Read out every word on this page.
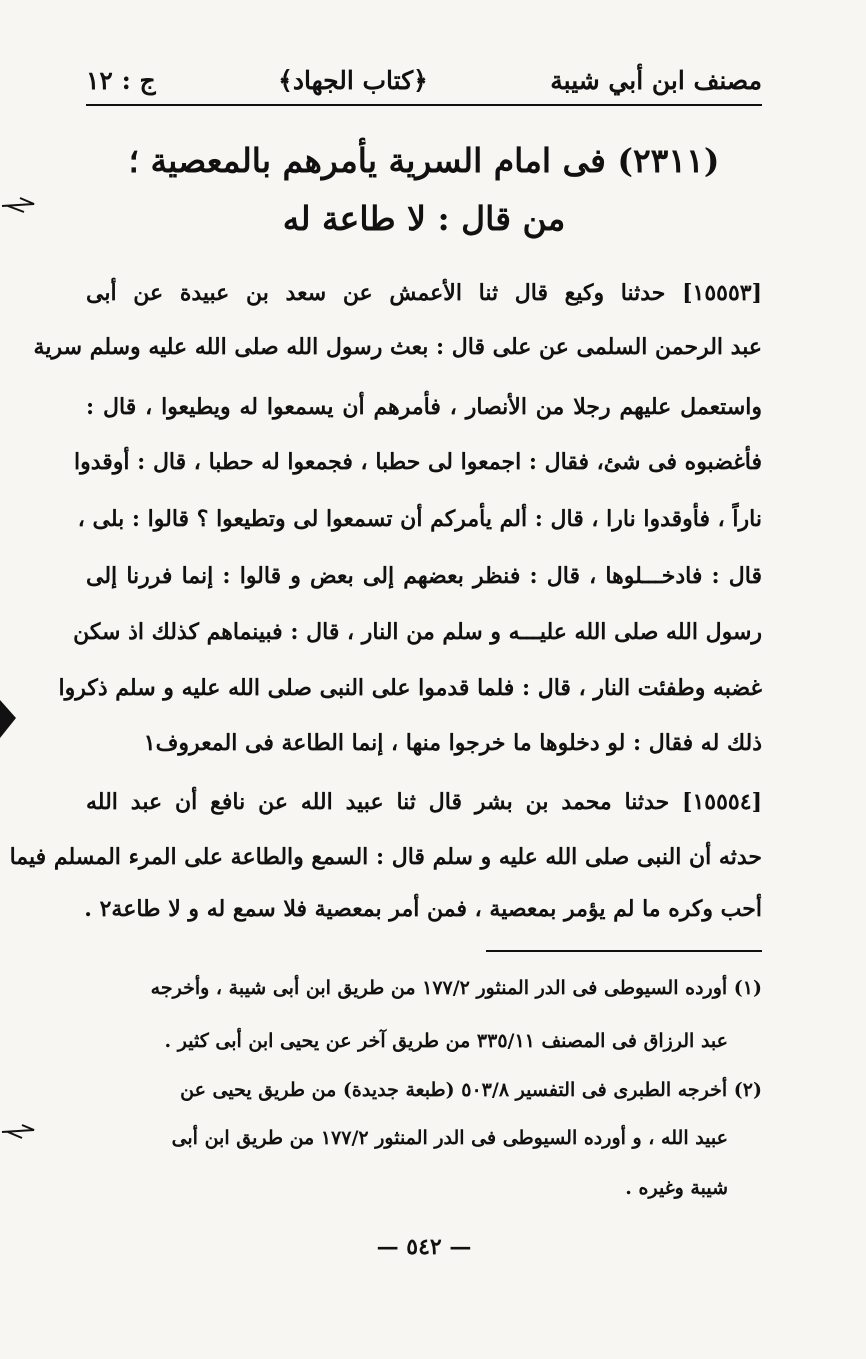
مصنف ابن أبي شيبة
﴿كتاب الجهاد﴾
ج : ١٢
(٢٣١١) فى امام السرية يأمرهم بالمعصية ؛
من قال : لا طاعة له
[١٥٥٥٣] حدثنا وكيع قال ثنا الأعمش عن سعد بن عبيدة عن أبى
عبد الرحمن السلمى عن على قال : بعث رسول الله صلى الله عليه وسلم سرية
واستعمل عليهم رجلا من الأنصار ، فأمرهم أن يسمعوا له ويطيعوا ، قال :
فأغضبوه فى شئ، فقال : اجمعوا لى حطبا ، فجمعوا له حطبا ، قال : أوقدوا
ناراً ، فأوقدوا نارا ، قال : ألم يأمركم أن تسمعوا لى وتطيعوا ؟ قالوا : بلى ،
قال : فادخـــلوها ، قال : فنظر بعضهم إلى بعض و قالوا : إنما فررنا إلى
رسول الله صلى الله عليـــه و سلم من النار ، قال : فبينماهم كذلك اذ سكن
غضبه وطفئت النار ، قال : فلما قدموا على النبى صلى الله عليه و سلم ذكروا
ذلك له فقال : لو دخلوها ما خرجوا منها ، إنما الطاعة فى المعروف١
[١٥٥٥٤] حدثنا محمد بن بشر قال ثنا عبيد الله عن نافع أن عبد الله
حدثه أن النبى صلى الله عليه و سلم قال : السمع والطاعة على المرء المسلم فيما
أحب وكره ما لم يؤمر بمعصية ، فمن أمر بمعصية فلا سمع له و لا طاعة٢ .
(١) أورده السيوطى فى الدر المنثور ١٧٧/٢ من طريق ابن أبى شيبة ، وأخرجه
عبد الرزاق فى المصنف ٣٣٥/١١ من طريق آخر عن يحيى ابن أبى كثير .
(٢) أخرجه الطبرى فى التفسير ٥٠٣/٨ (طبعة جديدة) من طريق يحيى عن
عبيد الله ، و أورده السيوطى فى الدر المنثور ١٧٧/٢ من طريق ابن أبى
شيبة وغيره .
— ٥٤٢ —
